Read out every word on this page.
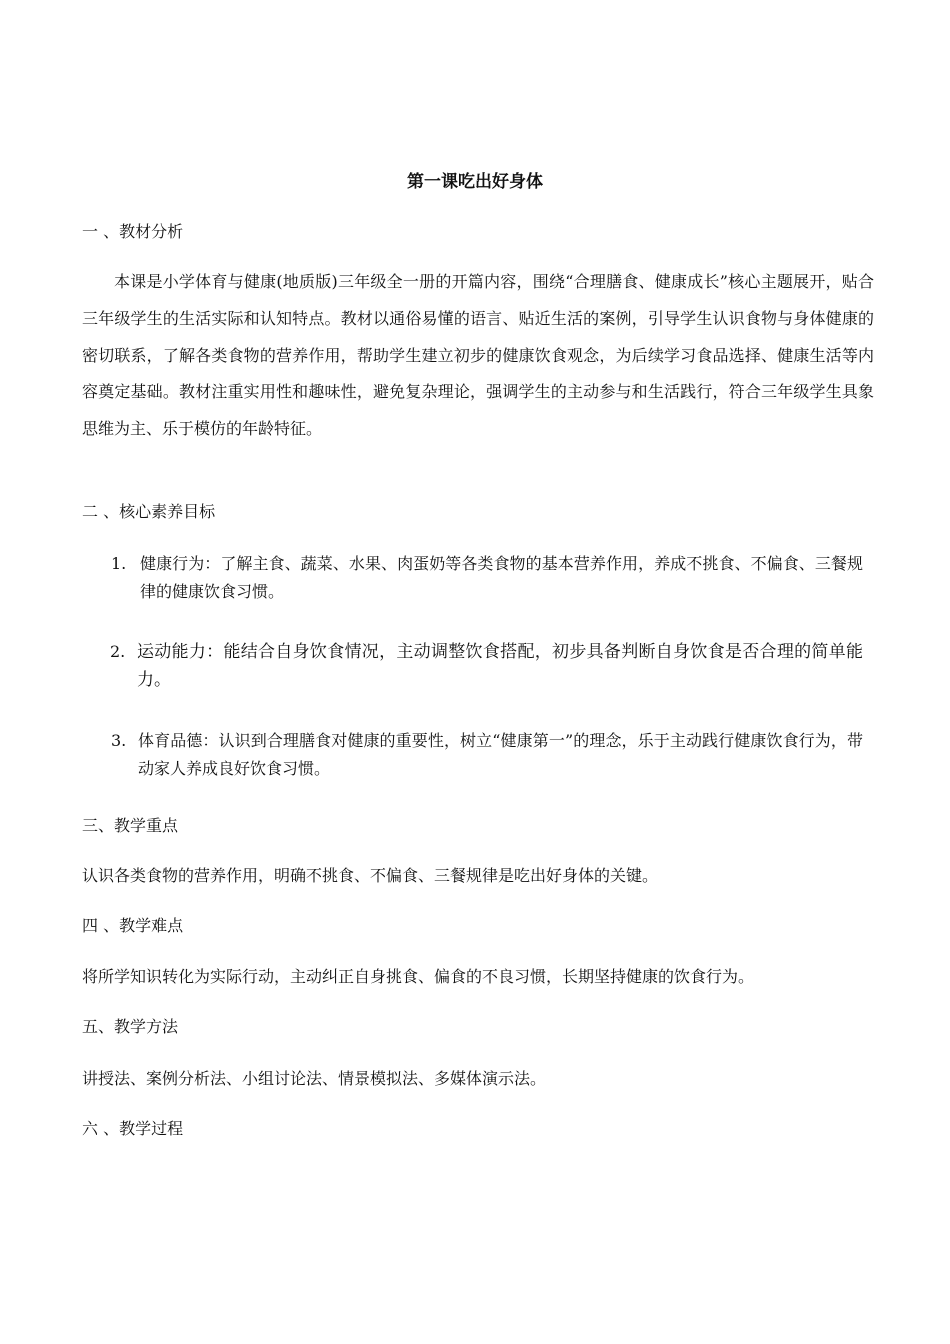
第一课吃出好身体
一 、教材分析
本课是小学体育与健康(地质版)三年级全一册的开篇内容，围绕“合理膳食、健康成长”核心主题展开，贴合三年级学生的生活实际和认知特点。教材以通俗易懂的语言、贴近生活的案例，引导学生认识食物与身体健康的密切联系，了解各类食物的营养作用，帮助学生建立初步的健康饮食观念，为后续学习食品选择、健康生活等内容奠定基础。教材注重实用性和趣味性，避免复杂理论，强调学生的主动参与和生活践行，符合三年级学生具象思维为主、乐于模仿的年龄特征。
二 、核心素养目标
1. 健康行为：了解主食、蔬菜、水果、肉蛋奶等各类食物的基本营养作用，养成不挑食、不偏食、三餐规律的健康饮食习惯。
2. 运动能力：能结合自身饮食情况，主动调整饮食搭配，初步具备判断自身饮食是否合理的简单能力。
3. 体育品德：认识到合理膳食对健康的重要性，树立“健康第一”的理念，乐于主动践行健康饮食行为，带动家人养成良好饮食习惯。
三、教学重点
认识各类食物的营养作用，明确不挑食、不偏食、三餐规律是吃出好身体的关键。
四 、教学难点
将所学知识转化为实际行动，主动纠正自身挑食、偏食的不良习惯，长期坚持健康的饮食行为。
五、教学方法
讲授法、案例分析法、小组讨论法、情景模拟法、多媒体演示法。
六 、教学过程
